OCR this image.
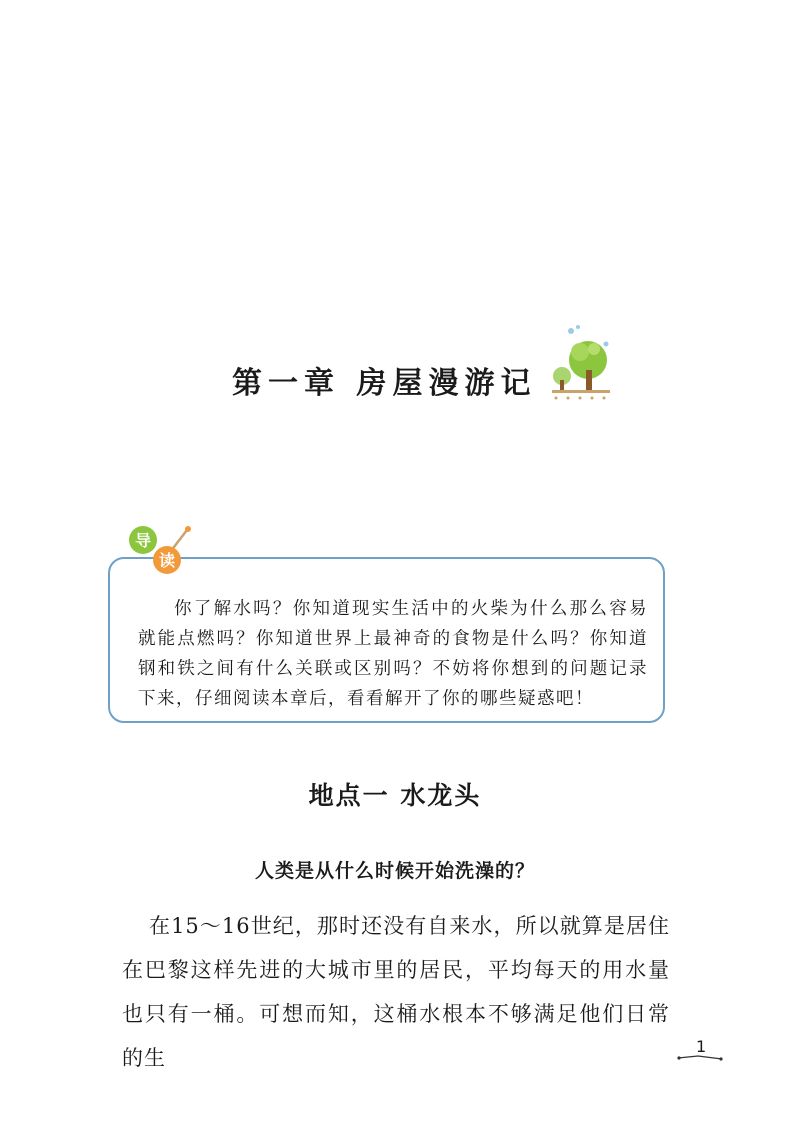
第一章 房屋漫游记
导
读

你了解水吗？你知道现实生活中的火柴为什么那么容易就能点燃吗？你知道世界上最神奇的食物是什么吗？你知道钢和铁之间有什么关联或区别吗？不妨将你想到的问题记录下来，仔细阅读本章后，看看解开了你的哪些疑惑吧！

地点一 水龙头
人类是从什么时候开始洗澡的？

在15～16世纪，那时还没有自来水，所以就算是居住在巴黎这样先进的大城市里的居民，平均每天的用水量也只有一桶。可想而知，这桶水根本不够满足他们日常的生	1
